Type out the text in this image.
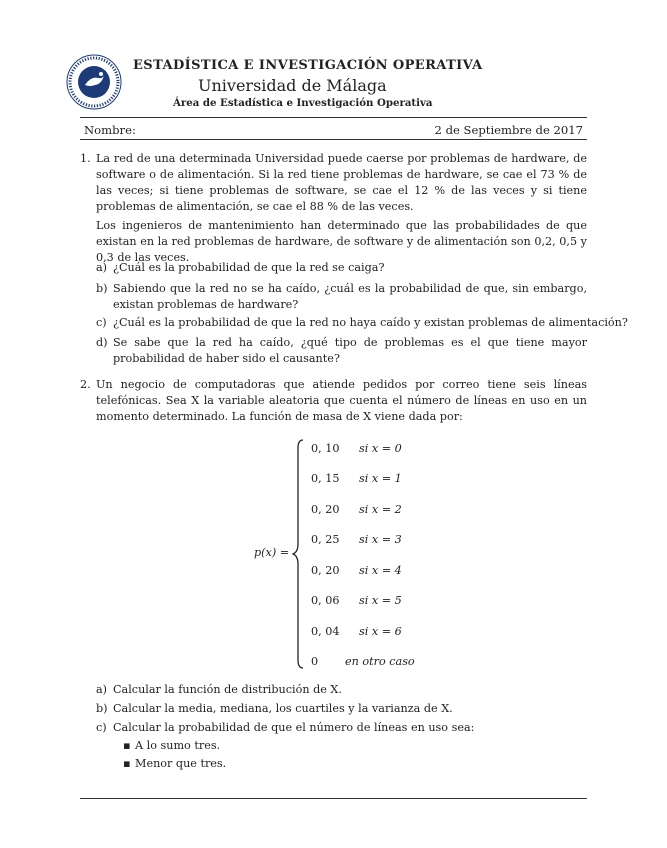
ESTADÍSTICA E INVESTIGACIÓN OPERATIVA
Universidad de Málaga
Área de Estadística e Investigación Operativa
Nombre:	2 de Septiembre de 2017
1. La red de una determinada Universidad puede caerse por problemas de hardware, de software o de alimentación. Si la red tiene problemas de hardware, se cae el 73 % de las veces; si tiene problemas de software, se cae el 12 % de las veces y si tiene problemas de alimentación, se cae el 88 % de las veces.
Los ingenieros de mantenimiento han determinado que las probabilidades de que existan en la red problemas de hardware, de software y de alimentación son 0,2, 0,5 y 0,3 de las veces.
a) ¿Cuál es la probabilidad de que la red se caiga?
b) Sabiendo que la red no se ha caído, ¿cuál es la probabilidad de que, sin embargo, existan problemas de hardware?
c) ¿Cuál es la probabilidad de que la red no haya caído y existan problemas de alimentación?
d) Se sabe que la red ha caído, ¿qué tipo de problemas es el que tiene mayor probabilidad de haber sido el causante?
2. Un negocio de computadoras que atiende pedidos por correo tiene seis líneas telefónicas. Sea X la variable aleatoria que cuenta el número de líneas en uso en un momento determinado. La función de masa de X viene dada por:
p(x) =
0, 10 si x = 0
0, 15 si x = 1
0, 20 si x = 2
0, 25 si x = 3
0, 20 si x = 4
0, 06 si x = 5
0, 04 si x = 6
0 en otro caso
a) Calcular la función de distribución de X.
b) Calcular la media, mediana, los cuartiles y la varianza de X.
c) Calcular la probabilidad de que el número de líneas en uso sea:
▪ A lo sumo tres.
▪ Menor que tres.
